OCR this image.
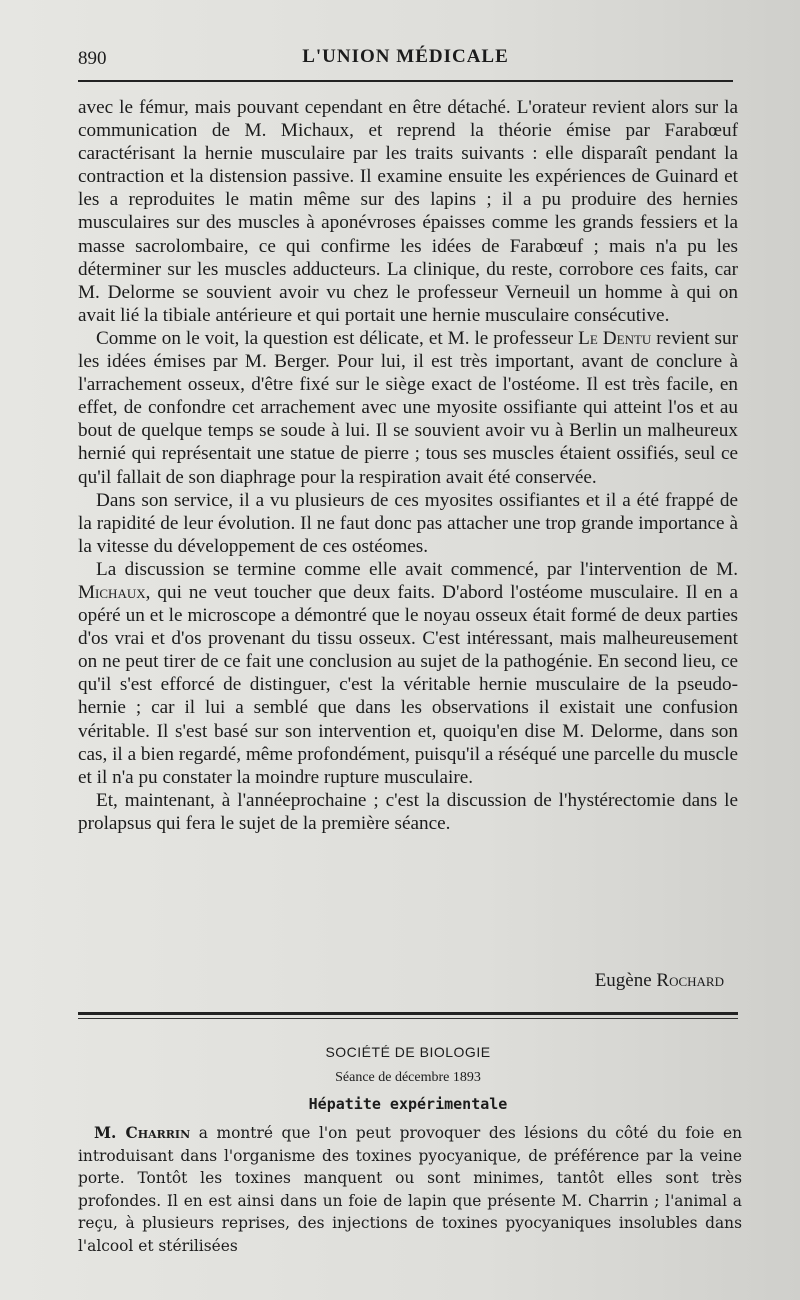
890	L'UNION MÉDICALE

avec le fémur, mais pouvant cependant en être détaché. L'orateur revient alors sur la communication de M. Michaux, et reprend la théorie émise par Farabœuf caractérisant la hernie musculaire par les traits suivants : elle disparaît pendant la contraction et la distension passive. Il examine ensuite les expériences de Guinard et les a reproduites le matin même sur des lapins ; il a pu produire des hernies musculaires sur des muscles à aponévroses épaisses comme les grands fessiers et la masse sacrolombaire, ce qui confirme les idées de Farabœuf ; mais n'a pu les déterminer sur les muscles adducteurs. La clinique, du reste, corrobore ces faits, car M. Delorme se souvient avoir vu chez le professeur Verneuil un homme à qui on avait lié la tibiale antérieure et qui portait une hernie musculaire consécutive.

Comme on le voit, la question est délicate, et M. le professeur Le Dentu revient sur les idées émises par M. Berger. Pour lui, il est très important, avant de conclure à l'arrachement osseux, d'être fixé sur le siège exact de l'ostéome. Il est très facile, en effet, de confondre cet arrachement avec une myosite ossifiante qui atteint l'os et au bout de quelque temps se soude à lui. Il se souvient avoir vu à Berlin un malheureux hernié qui représentait une statue de pierre ; tous ses muscles étaient ossifiés, seul ce qu'il fallait de son diaphrage pour la respiration avait été conservée.

Dans son service, il a vu plusieurs de ces myosites ossifiantes et il a été frappé de la rapidité de leur évolution. Il ne faut donc pas attacher une trop grande importance à la vitesse du développement de ces ostéomes.

La discussion se termine comme elle avait commencé, par l'intervention de M. Michaux, qui ne veut toucher que deux faits. D'abord l'ostéome musculaire. Il en a opéré un et le microscope a démontré que le noyau osseux était formé de deux parties d'os vrai et d'os provenant du tissu osseux. C'est intéressant, mais malheureusement on ne peut tirer de ce fait une conclusion au sujet de la pathogénie. En second lieu, ce qu'il s'est efforcé de distinguer, c'est la véritable hernie musculaire de la pseudo-hernie ; car il lui a semblé que dans les observations il existait une confusion véritable. Il s'est basé sur son intervention et, quoiqu'en dise M. Delorme, dans son cas, il a bien regardé, même profondément, puisqu'il a réséqué une parcelle du muscle et il n'a pu constater la moindre rupture musculaire.

Et, maintenant, à l'annéeprochaine ; c'est la discussion de l'hystérectomie dans le prolapsus qui fera le sujet de la première séance.

Eugène Rochard
SOCIÉTÉ DE BIOLOGIE
Séance de décembre 1893
Hépatite expérimentale

M. Charrin a montré que l'on peut provoquer des lésions du côté du foie en introduisant dans l'organisme des toxines pyocyanique, de préférence par la veine porte. Tontôt les toxines manquent ou sont minimes, tantôt elles sont très profondes. Il en est ainsi dans un foie de lapin que présente M. Charrin ; l'animal a reçu, à plusieurs reprises, des injections de toxines pyocyaniques insolubles dans l'alcool et stérilisées
